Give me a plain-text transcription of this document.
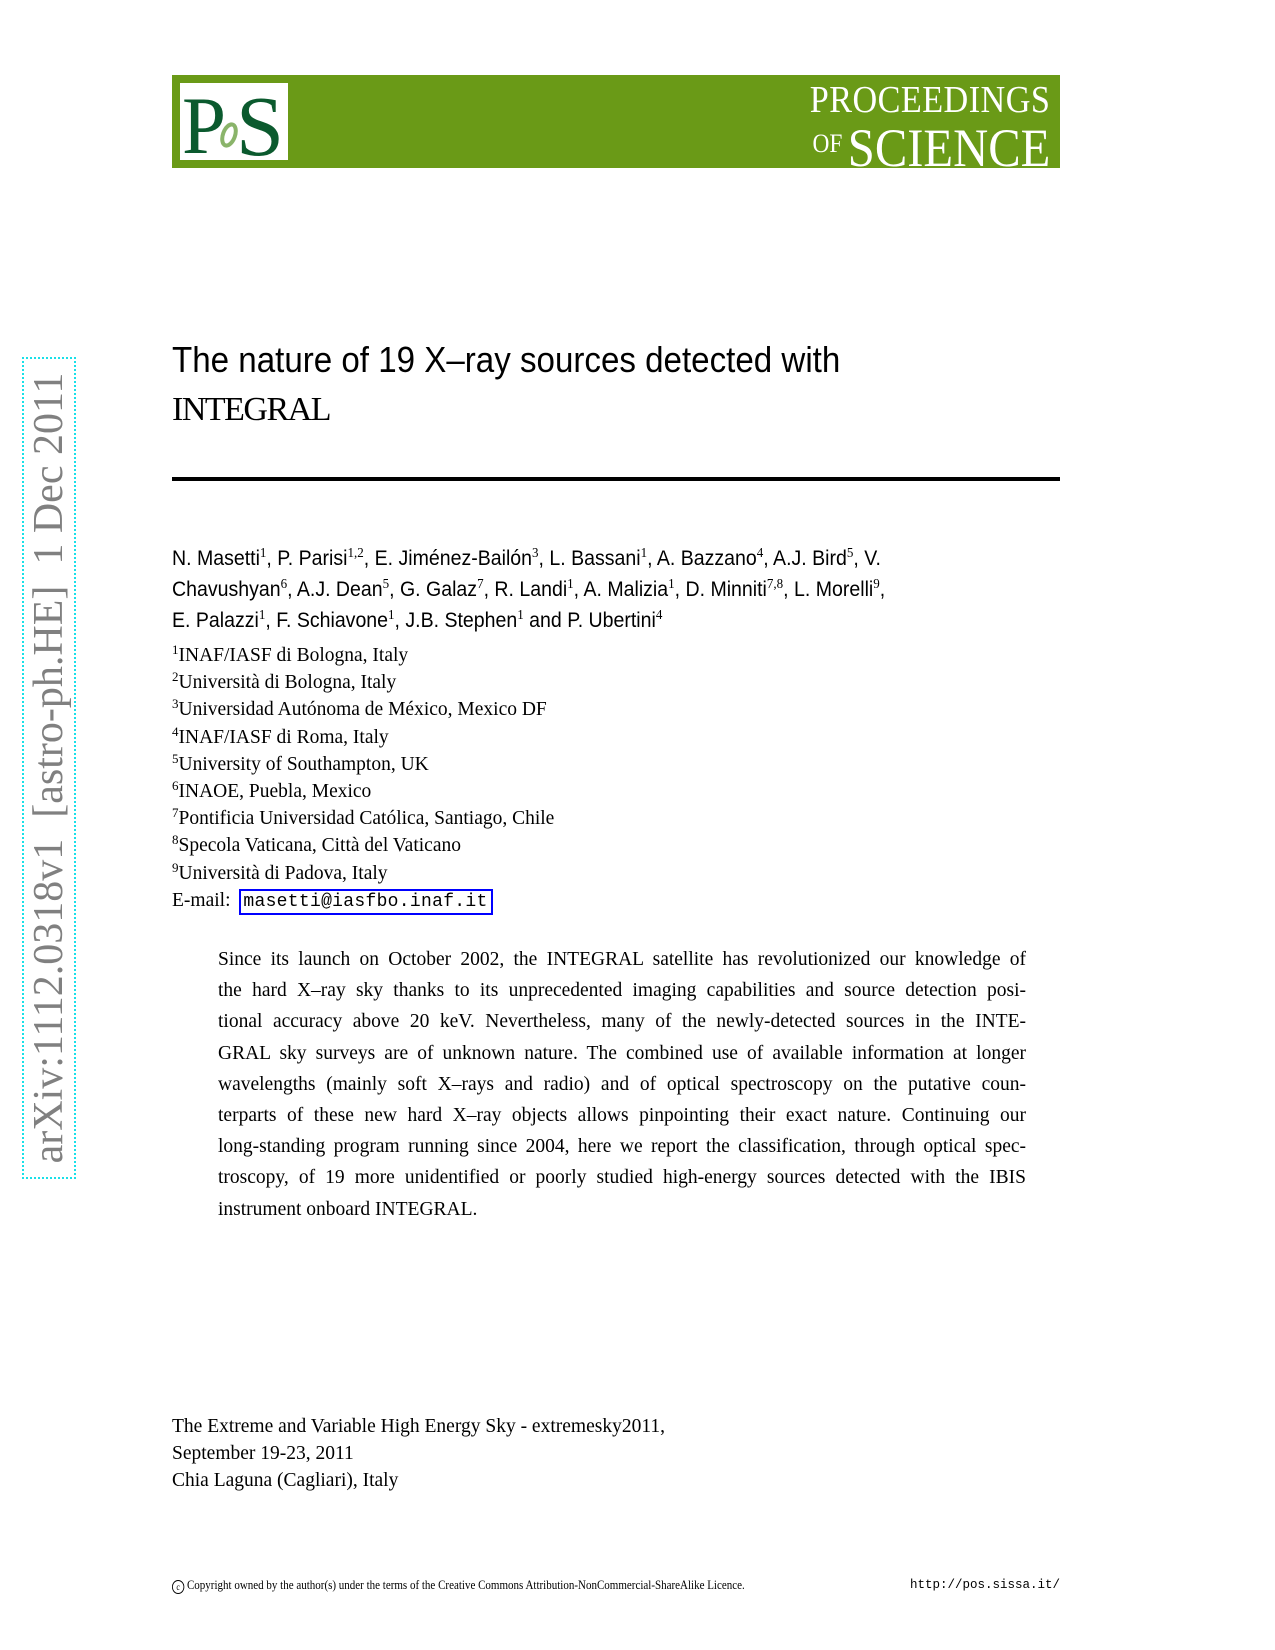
P S	PROCEEDINGS
OFSCIENCE
arXiv:1112.0318v1  [astro-ph.HE]  1 Dec 2011
The nature of 19 X–ray sources detected with
INTEGRAL
N. Masetti$^1$, P. Parisi$^{1,2}$, E. Jiménez-Bailón$^3$, L. Bassani$^1$, A. Bazzano$^4$, A.J. Bird$^5$, V.
Chavushyan$^6$, A.J. Dean$^5$, G. Galaz$^7$, R. Landi$^1$, A. Malizia$^1$, D. Minniti$^{7,8}$, L. Morelli$^9$,
E. Palazzi$^1$, F. Schiavone$^1$, J.B. Stephen$^1$ and P. Ubertini$^4$
$^1$INAF/IASF di Bologna, Italy
$^2$Università di Bologna, Italy
$^3$Universidad Autónoma de México, Mexico DF
$^4$INAF/IASF di Roma, Italy
$^5$University of Southampton, UK
$^6$INAOE, Puebla, Mexico
$^7$Pontificia Universidad Católica, Santiago, Chile
$^8$Specola Vaticana, Città del Vaticano
$^9$Università di Padova, Italy
E-mail: masetti@iasfbo.inaf.it
Since its launch on October 2002, the INTEGRAL satellite has revolutionized our knowledge of
the hard X–ray sky thanks to its unprecedented imaging capabilities and source detection posi-
tional accuracy above 20 keV. Nevertheless, many of the newly-detected sources in the INTE-
GRAL sky surveys are of unknown nature. The combined use of available information at longer
wavelengths (mainly soft X–rays and radio) and of optical spectroscopy on the putative coun-
terparts of these new hard X–ray objects allows pinpointing their exact nature. Continuing our
long-standing program running since 2004, here we report the classification, through optical spec-
troscopy, of 19 more unidentified or poorly studied high-energy sources detected with the IBIS
instrument onboard INTEGRAL.
The Extreme and Variable High Energy Sky - extremesky2011,
September 19-23, 2011
Chia Laguna (Cagliari), Italy
c Copyright owned by the author(s) under the terms of the Creative Commons Attribution-NonCommercial-ShareAlike Licence.	http://pos.sissa.it/
